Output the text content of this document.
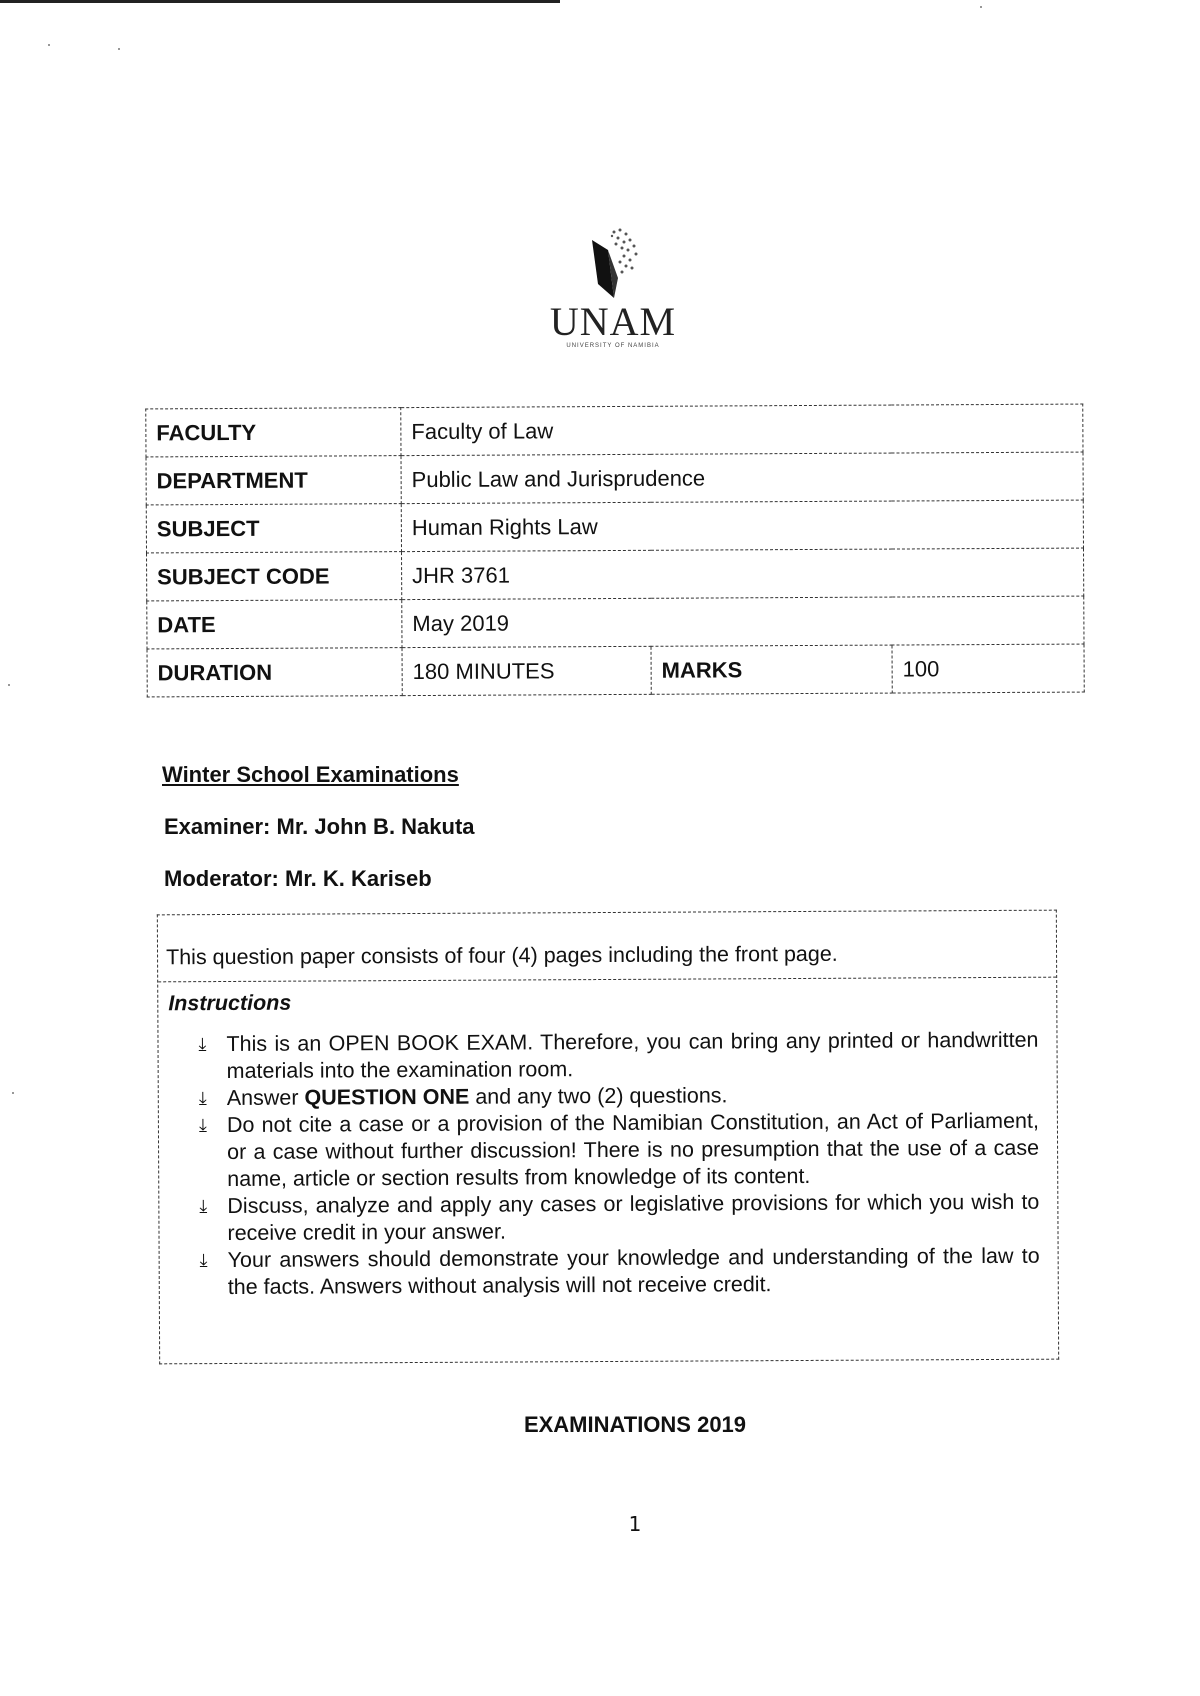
UNAM
UNIVERSITY OF NAMIBIA
FACULTY	Faculty of Law		
DEPARTMENT	Public Law and Jurisprudence		
SUBJECT	Human Rights Law		
SUBJECT CODE	JHR 3761		
DATE	May 2019		
DURATION	180 MINUTES	MARKS	100
Winter School Examinations
Examiner: Mr. John B. Nakuta
Moderator: Mr. K. Kariseb
This question paper consists of four (4) pages including the front page.
Instructions
⤓ This is an OPEN BOOK EXAM. Therefore, you can bring any printed or handwritten materials into the examination room.
⤓ Answer QUESTION ONE and any two (2) questions.
⤓ Do not cite a case or a provision of the Namibian Constitution, an Act of Parliament, or a case without further discussion! There is no presumption that the use of a case name, article or section results from knowledge of its content.
⤓ Discuss, analyze and apply any cases or legislative provisions for which you wish to receive credit in your answer.
⤓ Your answers should demonstrate your knowledge and understanding of the law to the facts. Answers without analysis will not receive credit.
EXAMINATIONS 2019
1
